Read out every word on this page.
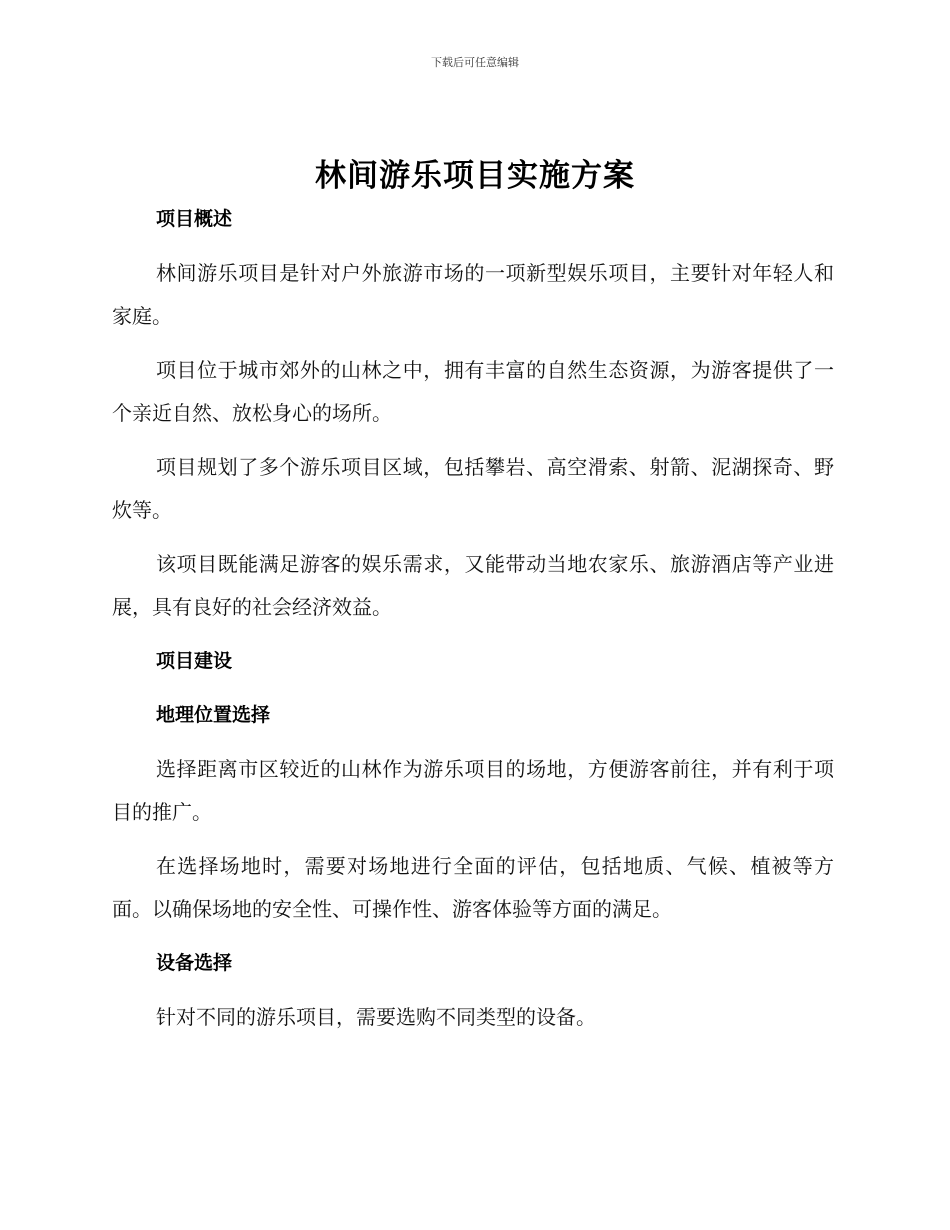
下载后可任意编辑
林间游乐项目实施方案
项目概述

林间游乐项目是针对户外旅游市场的一项新型娱乐项目，主要针对年轻人和家庭。

项目位于城市郊外的山林之中，拥有丰富的自然生态资源，为游客提供了一个亲近自然、放松身心的场所。

项目规划了多个游乐项目区域，包括攀岩、高空滑索、射箭、泥湖探奇、野炊等。

该项目既能满足游客的娱乐需求，又能带动当地农家乐、旅游酒店等产业进展，具有良好的社会经济效益。

项目建设
地理位置选择

选择距离市区较近的山林作为游乐项目的场地，方便游客前往，并有利于项目的推广。

在选择场地时，需要对场地进行全面的评估，包括地质、气候、植被等方面。以确保场地的安全性、可操作性、游客体验等方面的满足。

设备选择

针对不同的游乐项目，需要选购不同类型的设备。
